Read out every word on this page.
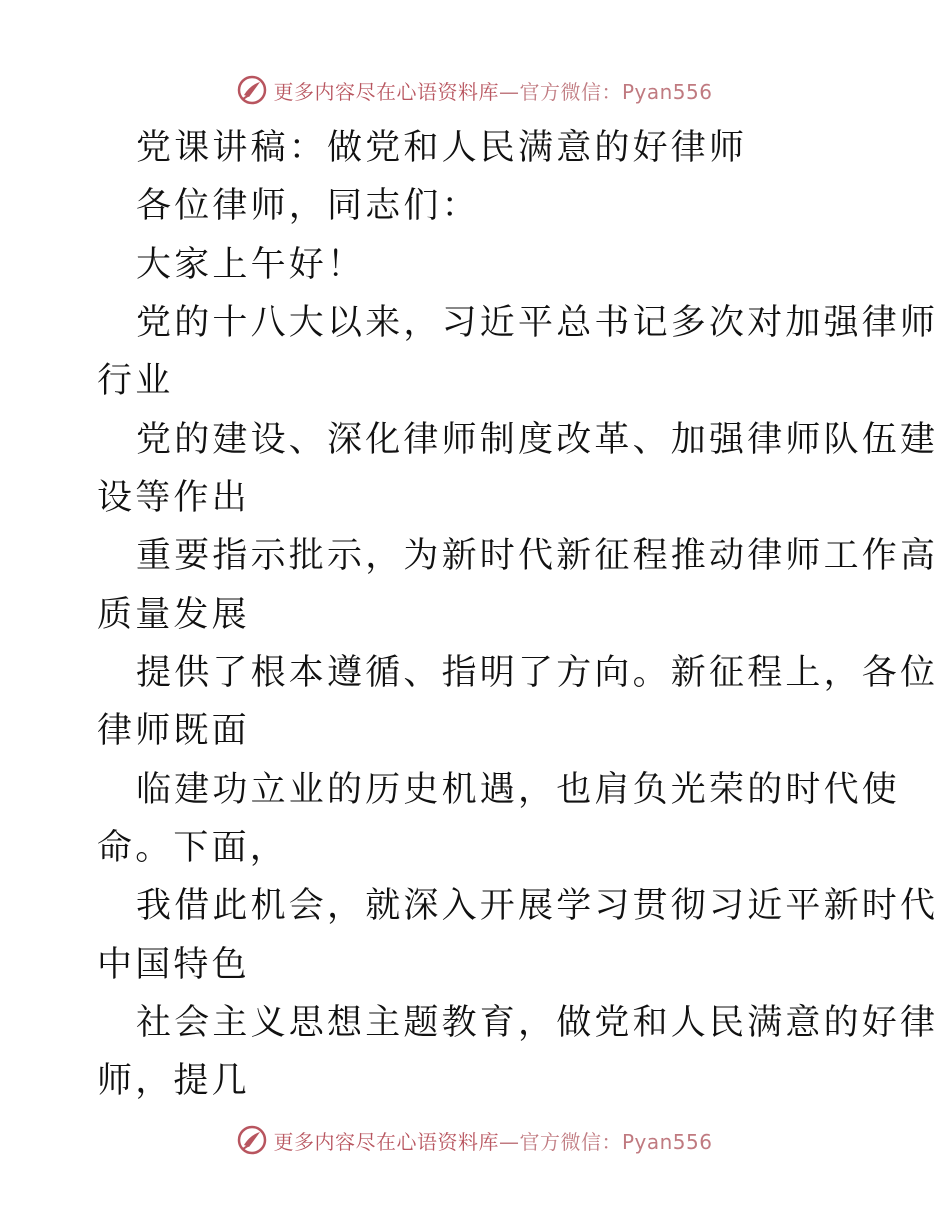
更多内容尽在心语资料库—官方微信：Pyan556
党课讲稿：做党和人民满意的好律师
各位律师，同志们：
大家上午好！
党的十八大以来，习近平总书记多次对加强律师
行业
党的建设、深化律师制度改革、加强律师队伍建
设等作出
重要指示批示，为新时代新征程推动律师工作高
质量发展
提供了根本遵循、指明了方向。新征程上，各位
律师既面
临建功立业的历史机遇，也肩负光荣的时代使
命。下面，
我借此机会，就深入开展学习贯彻习近平新时代
中国特色
社会主义思想主题教育，做党和人民满意的好律
师，提几
更多内容尽在心语资料库—官方微信：Pyan556
